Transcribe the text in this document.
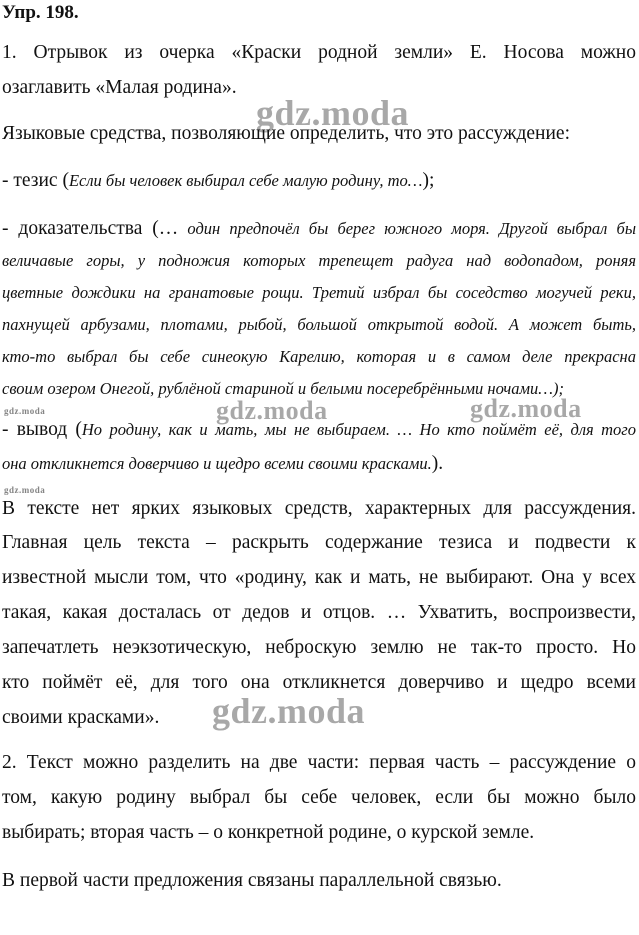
Упр. 198.
1. Отрывок из очерка «Краски родной земли» Е. Носова можно
озаглавить «Малая родина».
gdz.moda
Языковые средства, позволяющие определить, что это рассуждение:
- тезис (Если бы человек выбирал себе малую родину, то…);
- доказательства (… один предпочёл бы берег южного моря. Другой выбрал бы
величавые горы, у подножия которых трепещет радуга над водопадом, роняя
цветные дождики на гранатовые рощи. Третий избрал бы соседство могучей реки,
пахнущей арбузами, плотами, рыбой, большой открытой водой. А может быть,
кто-то выбрал бы себе синеокую Карелию, которая и в самом деле прекрасна
своим озером Онегой, рублёной стариной и белыми посеребрёнными ночами…);
gdz.moda	gdz.moda	gdz.moda
- вывод (Но родину, как и мать, мы не выбираем. … Но кто поймёт её, для того
она откликнется доверчиво и щедро всеми своими красками.).
gdz.moda
В тексте нет ярких языковых средств, характерных для рассуждения.
Главная цель текста – раскрыть содержание тезиса и подвести к
известной мысли том, что «родину, как и мать, не выбирают. Она у всех
такая, какая досталась от дедов и отцов. … Ухватить, воспроизвести,
запечатлеть неэкзотическую, неброскую землю не так-то просто. Но
кто поймёт её, для того она откликнется доверчиво и щедро всеми
своими красками».	gdz.moda
2. Текст можно разделить на две части: первая часть – рассуждение о
том, какую родину выбрал бы себе человек, если бы можно было
выбирать; вторая часть – о конкретной родине, о курской земле.
В первой части предложения связаны параллельной связью.
